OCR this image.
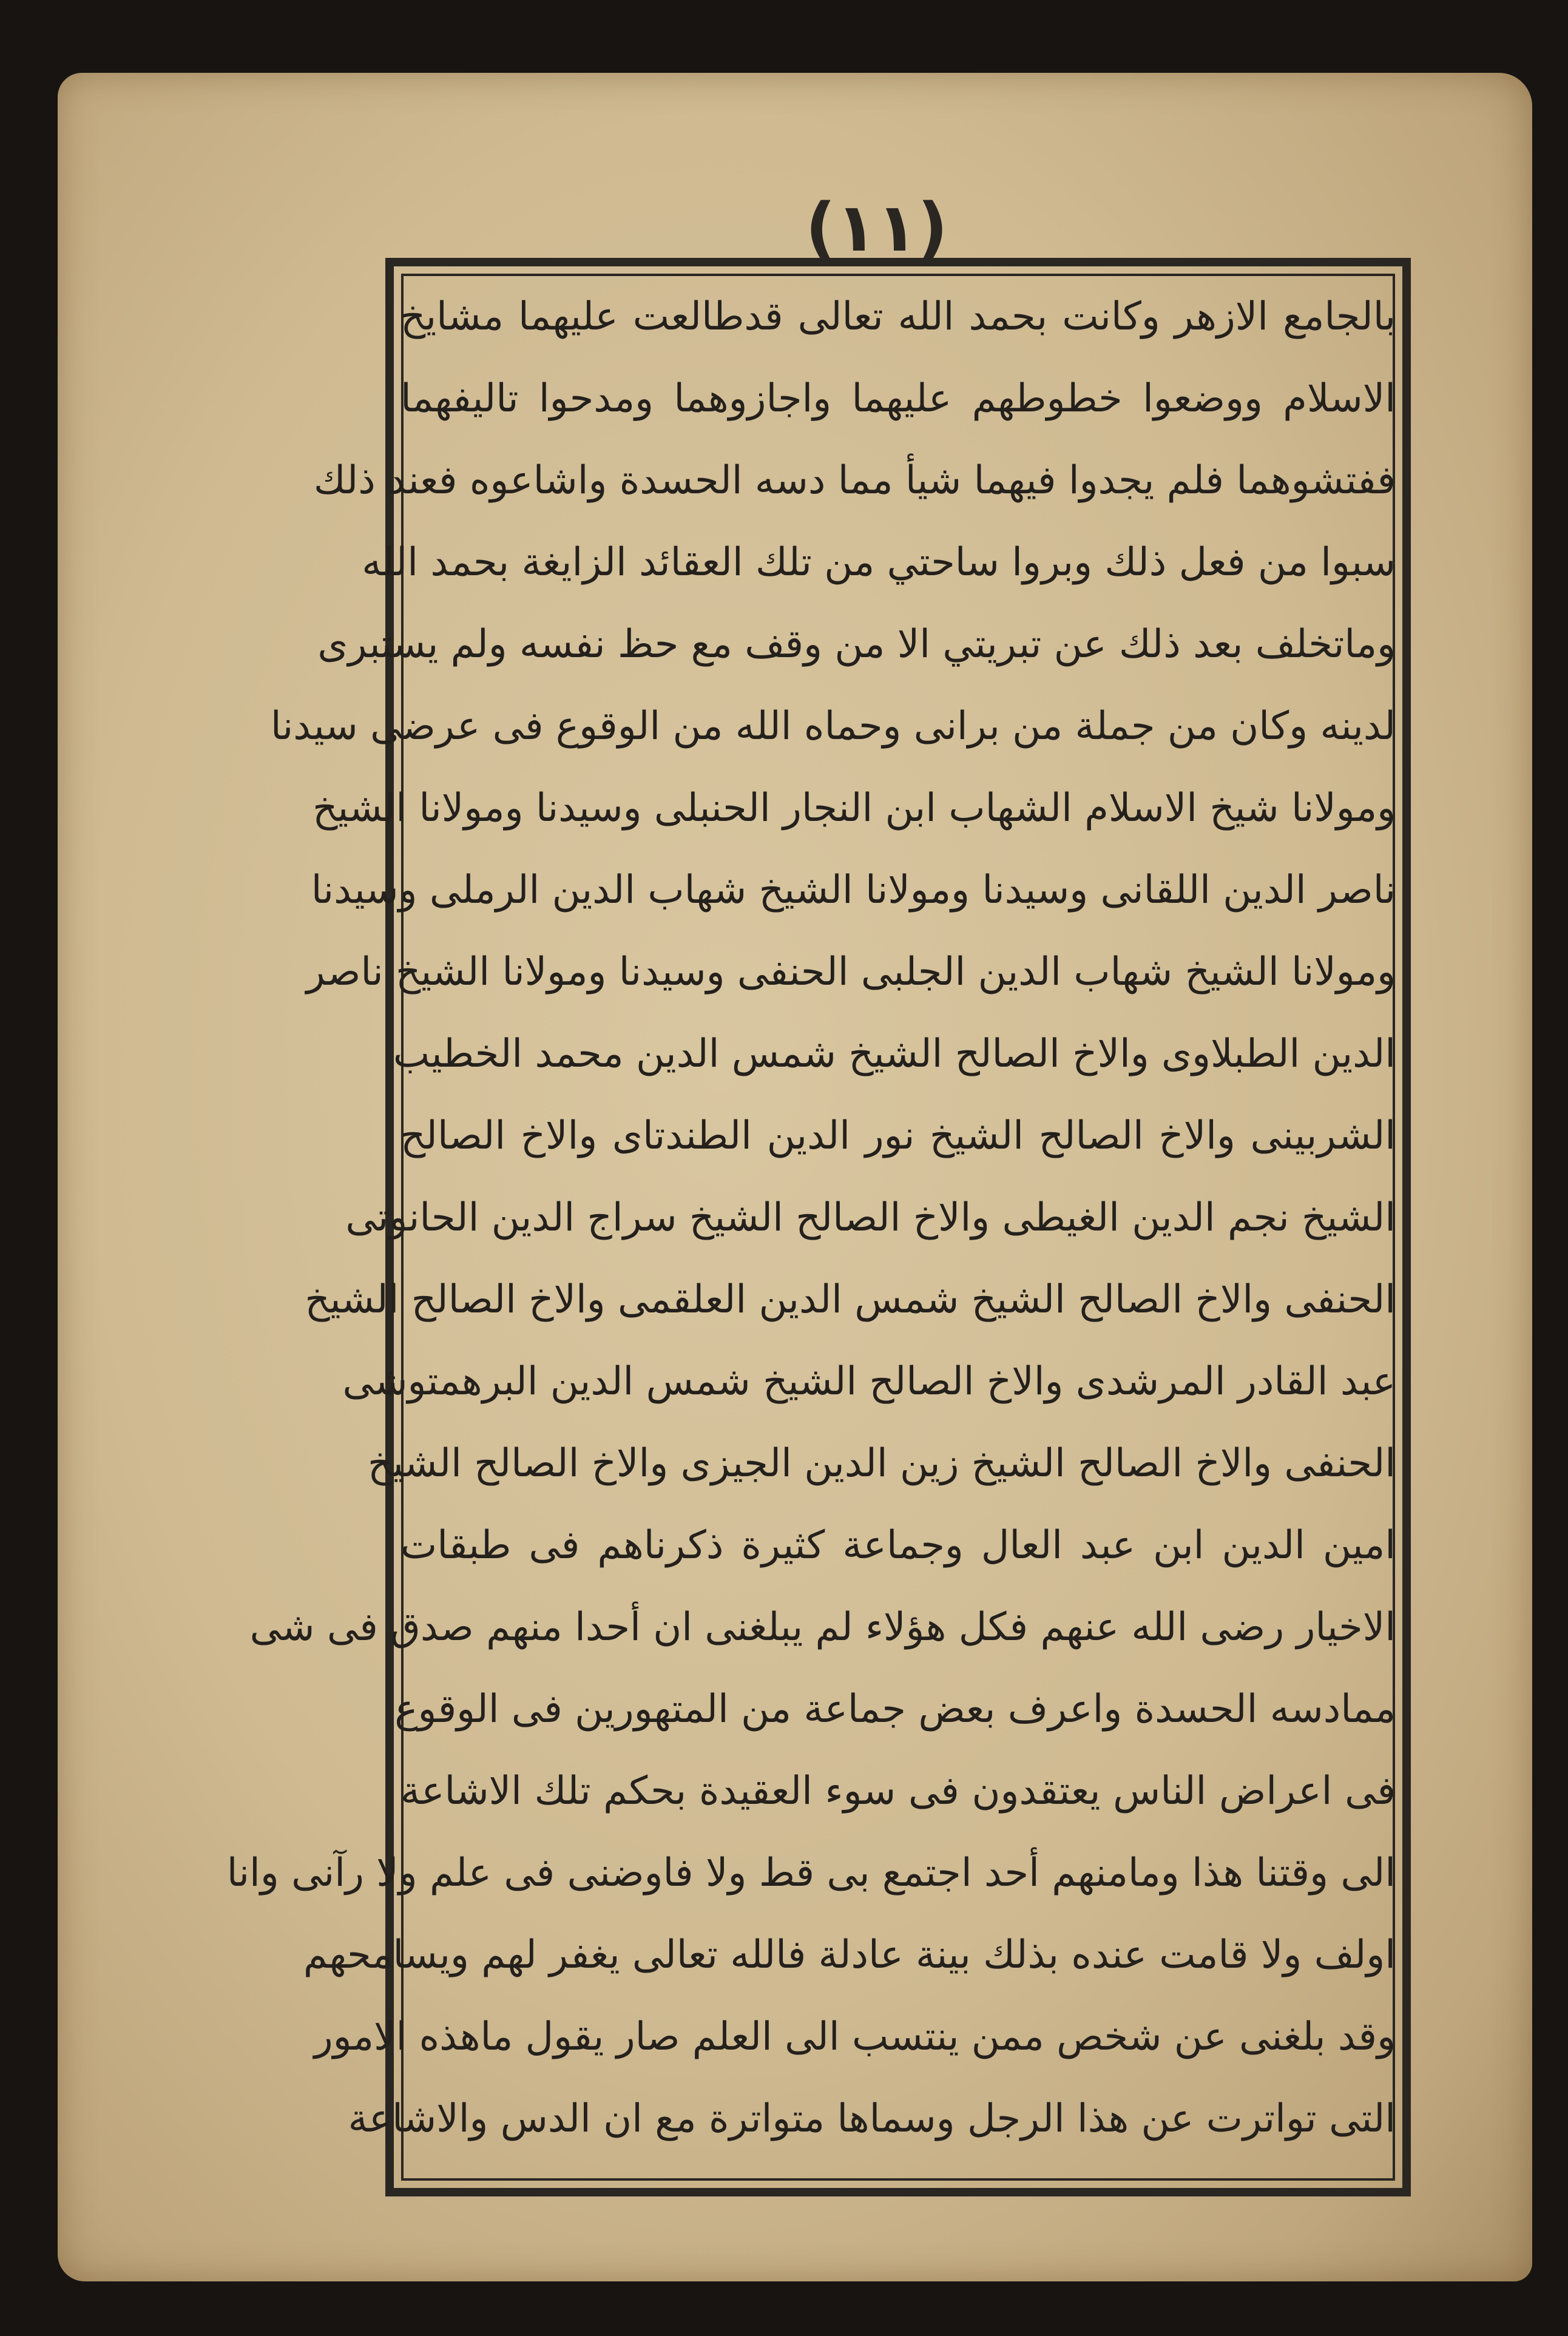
(١١)
بالجامع الازهر وكانت بحمد الله تعالى قدطالعت عليهما مشايخ
الاسلام ووضعوا خطوطهم عليهما واجازوهما ومدحوا تاليفهما
ففتشوهما فلم يجدوا فيهما شيأ مما دسه الحسدة واشاعوه فعند ذلك
سبوا من فعل ذلك وبروا ساحتي من تلك العقائد الزايغة بحمد الله
وماتخلف بعد ذلك عن تبريتي الا من وقف مع حظ نفسه ولم يستبرى
لدينه وكان من جملة من برانى وحماه الله من الوقوع فى عرضى سيدنا
ومولانا شيخ الاسلام الشهاب ابن النجار الحنبلى وسيدنا ومولانا الشيخ
ناصر الدين اللقانى وسيدنا ومولانا الشيخ شهاب الدين الرملى وسيدنا
ومولانا الشيخ شهاب الدين الجلبى الحنفى وسيدنا ومولانا الشيخ ناصر
الدين الطبلاوى والاخ الصالح الشيخ شمس الدين محمد الخطيب
الشربينى والاخ الصالح الشيخ نور الدين الطندتاى والاخ الصالح
الشيخ نجم الدين الغيطى والاخ الصالح الشيخ سراج الدين الحانوتى
الحنفى والاخ الصالح الشيخ شمس الدين العلقمى والاخ الصالح الشيخ
عبد القادر المرشدى والاخ الصالح الشيخ شمس الدين البرهمتوشى
الحنفى والاخ الصالح الشيخ زين الدين الجيزى والاخ الصالح الشيخ
امين الدين ابن عبد العال وجماعة كثيرة ذكرناهم فى طبقات
الاخيار رضى الله عنهم فكل هؤلاء لم يبلغنى ان أحدا منهم صدق فى شى
ممادسه الحسدة واعرف بعض جماعة من المتهورين فى الوقوع
فى اعراض الناس يعتقدون فى سوء العقيدة بحكم تلك الاشاعة
الى وقتنا هذا ومامنهم أحد اجتمع بى قط ولا فاوضنى فى علم ولا رآنى وانا
اولف ولا قامت عنده بذلك بينة عادلة فالله تعالى يغفر لهم ويسامحهم
وقد بلغنى عن شخص ممن ينتسب الى العلم صار يقول ماهذه الامور
التى تواترت عن هذا الرجل وسماها متواترة مع ان الدس والاشاعة
